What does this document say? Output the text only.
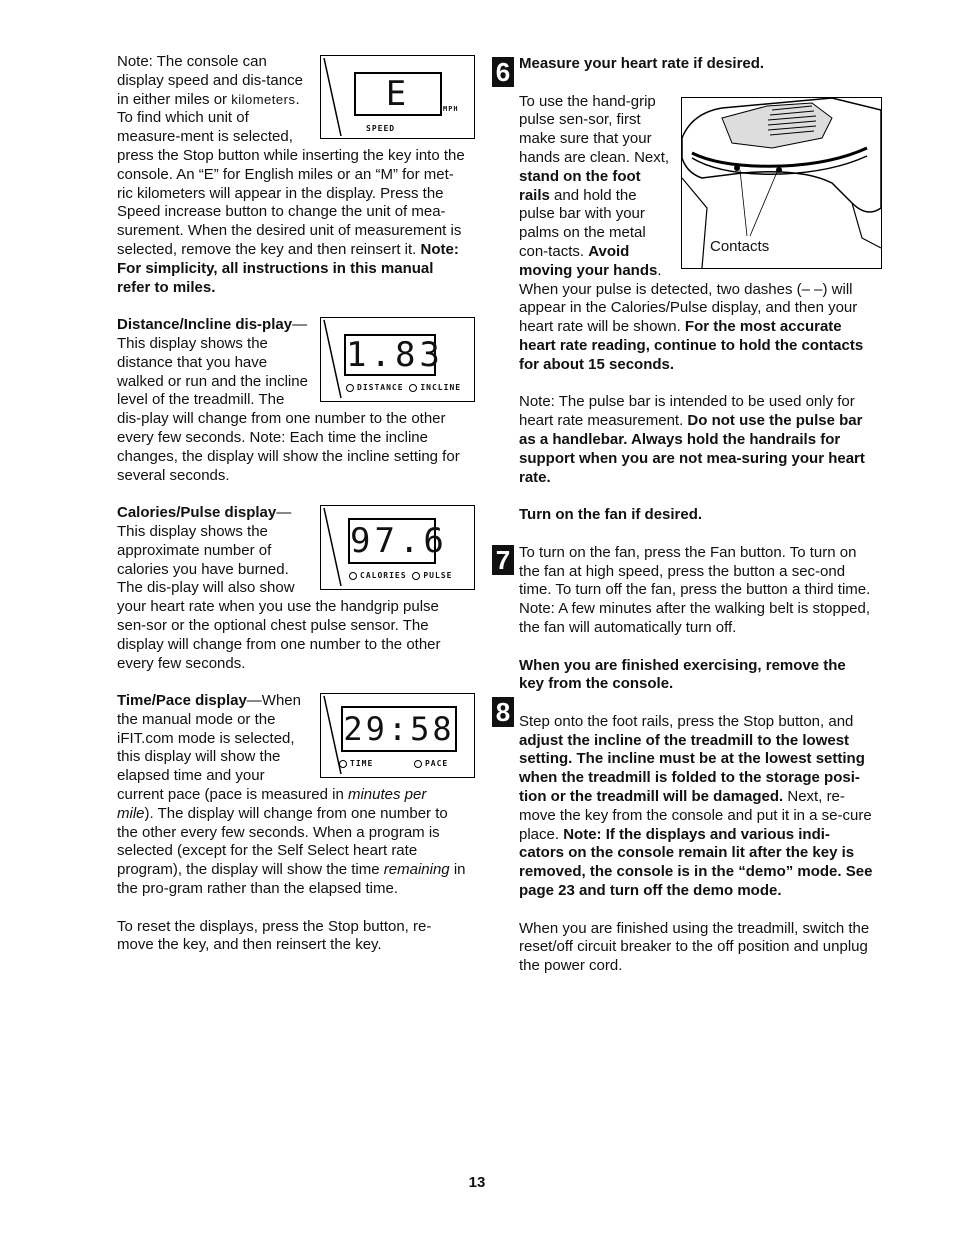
E	MPH
SPEED

Note: The console can display speed and dis-tance in either miles or kilometers. To find which unit of measure-ment is selected, press the Stop button while inserting the key into the console. An “E” for English miles or an “M” for met-ric kilometers will appear in the display. Press the Speed increase button to change the unit of mea-surement. When the desired unit of measurement is selected, remove the key and then reinsert it. Note: For simplicity, all instructions in this manual refer to miles.

1.83
DISTANCE INCLINE

Distance/Incline dis-play—This display shows the distance that you have walked or run and the incline level of the treadmill. The dis-play will change from one number to the other every few seconds. Note: Each time the incline changes, the display will show the incline setting for several seconds.

97.6
CALORIES PULSE

Calories/Pulse display—This display shows the approximate number of calories you have burned. The dis-play will also show your heart rate when you use the handgrip pulse sen-sor or the optional chest pulse sensor. The display will change from one number to the other every few seconds.

29:58
TIME	PACE

Time/Pace display—When the manual mode or the iFIT.com mode is selected, this display will show the elapsed time and your current pace (pace is measured in minutes per mile). The display will change from one number to the other every few seconds. When a program is selected (except for the Self Select heart rate program), the display will show the time remaining in the pro-gram rather than the elapsed time.

To reset the displays, press the Stop button, re-move the key, and then reinsert the key.

6
7
8

Measure your heart rate if desired.

Contacts

To use the hand-grip pulse sen-sor, first make sure that your hands are clean. Next, stand on the foot rails and hold the pulse bar with your palms on the metal con-tacts. Avoid moving your hands. When your pulse is detected, two dashes (– –) will appear in the Calories/Pulse display, and then your heart rate will be shown. For the most accurate heart rate reading, continue to hold the contacts for about 15 seconds.

Note: The pulse bar is intended to be used only for heart rate measurement. Do not use the pulse bar as a handlebar. Always hold the handrails for support when you are not mea-suring your heart rate.

Turn on the fan if desired.

To turn on the fan, press the Fan button. To turn on the fan at high speed, press the button a sec-ond time. To turn off the fan, press the button a third time. Note: A few minutes after the walking belt is stopped, the fan will automatically turn off.

When you are finished exercising, remove the key from the console.

Step onto the foot rails, press the Stop button, and adjust the incline of the treadmill to the lowest setting. The incline must be at the lowest setting when the treadmill is folded to the storage posi-tion or the treadmill will be damaged. Next, re-move the key from the console and put it in a se-cure place. Note: If the displays and various indi-cators on the console remain lit after the key is removed, the console is in the “demo” mode. See page 23 and turn off the demo mode.

When you are finished using the treadmill, switch the reset/off circuit breaker to the off position and unplug the power cord.

13
